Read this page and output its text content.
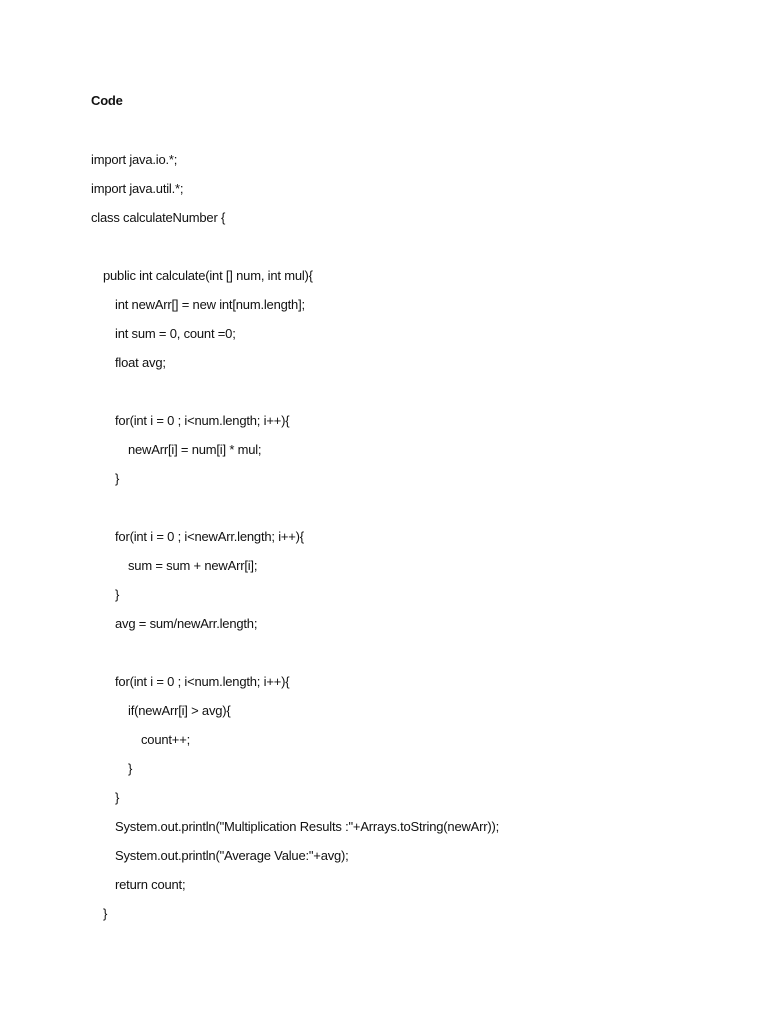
Code
import java.io.*;
import java.util.*;
class calculateNumber {
public int calculate(int [] num, int mul){
int newArr[] = new int[num.length];
int sum = 0, count =0;
float avg;
for(int i = 0 ; i<num.length; i++){
newArr[i] = num[i] * mul;
}
for(int i = 0 ; i<newArr.length; i++){
sum = sum + newArr[i];
}
avg = sum/newArr.length;
for(int i = 0 ; i<num.length; i++){
if(newArr[i] > avg){
count++;
}
}
System.out.println("Multiplication Results :"+Arrays.toString(newArr));
System.out.println("Average Value:"+avg);
return count;
}
